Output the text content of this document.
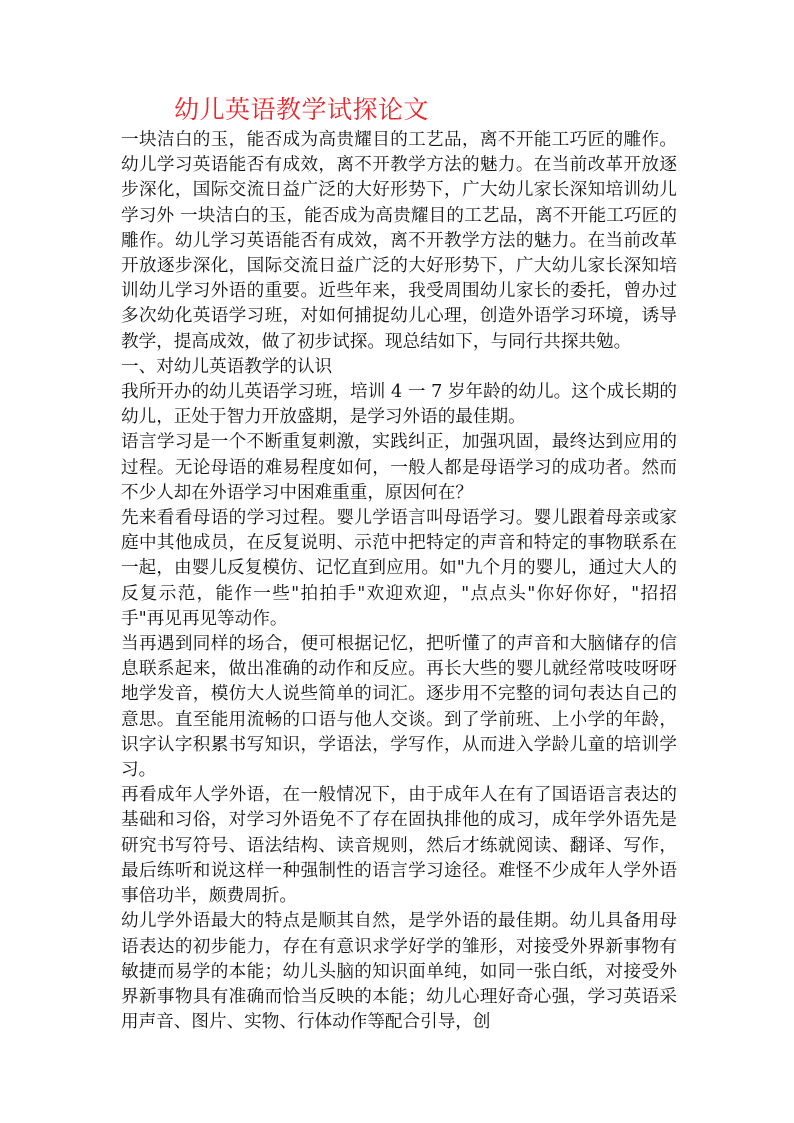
幼儿英语教学试探论文

一块洁白的玉，能否成为高贵耀目的工艺品，离不开能工巧匠的雕作。幼儿学习英语能否有成效，离不开教学方法的魅力。在当前改革开放逐步深化，国际交流日益广泛的大好形势下，广大幼儿家长深知培训幼儿学习外 一块洁白的玉，能否成为高贵耀目的工艺品，离不开能工巧匠的雕作。幼儿学习英语能否有成效，离不开教学方法的魅力。在当前改革开放逐步深化，国际交流日益广泛的大好形势下，广大幼儿家长深知培训幼儿学习外语的重要。近些年来，我受周围幼儿家长的委托，曾办过多次幼化英语学习班，对如何捕捉幼儿心理，创造外语学习环境，诱导教学，提高成效，做了初步试探。现总结如下，与同行共探共勉。

一、对幼儿英语教学的认识

我所开办的幼儿英语学习班，培训 4 一 7 岁年龄的幼儿。这个成长期的幼儿，正处于智力开放盛期，是学习外语的最佳期。

语言学习是一个不断重复刺激，实践纠正，加强巩固，最终达到应用的过程。无论母语的难易程度如何，一般人都是母语学习的成功者。然而不少人却在外语学习中困难重重，原因何在？

先来看看母语的学习过程。婴儿学语言叫母语学习。婴儿跟着母亲或家庭中其他成员，在反复说明、示范中把特定的声音和特定的事物联系在一起，由婴儿反复模仿、记忆直到应用。如"九个月的婴儿，通过大人的反复示范，能作一些"拍拍手"欢迎欢迎，"点点头"你好你好，"招招手"再见再见等动作。

当再遇到同样的场合，便可根据记忆，把听懂了的声音和大脑储存的信息联系起来，做出准确的动作和反应。再长大些的婴儿就经常吱吱呀呀地学发音，模仿大人说些简单的词汇。逐步用不完整的词句表达自己的意思。直至能用流畅的口语与他人交谈。到了学前班、上小学的年龄，识字认字积累书写知识，学语法，学写作，从而进入学龄儿童的培训学习。

再看成年人学外语，在一般情况下，由于成年人在有了国语语言表达的基础和习俗，对学习外语免不了存在固执排他的成习，成年学外语先是研究书写符号、语法结构、读音规则，然后才练就阅读、翻译、写作，最后练听和说这样一种强制性的语言学习途径。难怪不少成年人学外语事倍功半，颇费周折。

幼儿学外语最大的特点是顺其自然，是学外语的最佳期。幼儿具备用母语表达的初步能力，存在有意识求学好学的雏形，对接受外界新事物有敏捷而易学的本能；幼儿头脑的知识面单纯，如同一张白纸，对接受外界新事物具有准确而恰当反映的本能；幼儿心理好奇心强，学习英语采用声音、图片、实物、行体动作等配合引导，创
